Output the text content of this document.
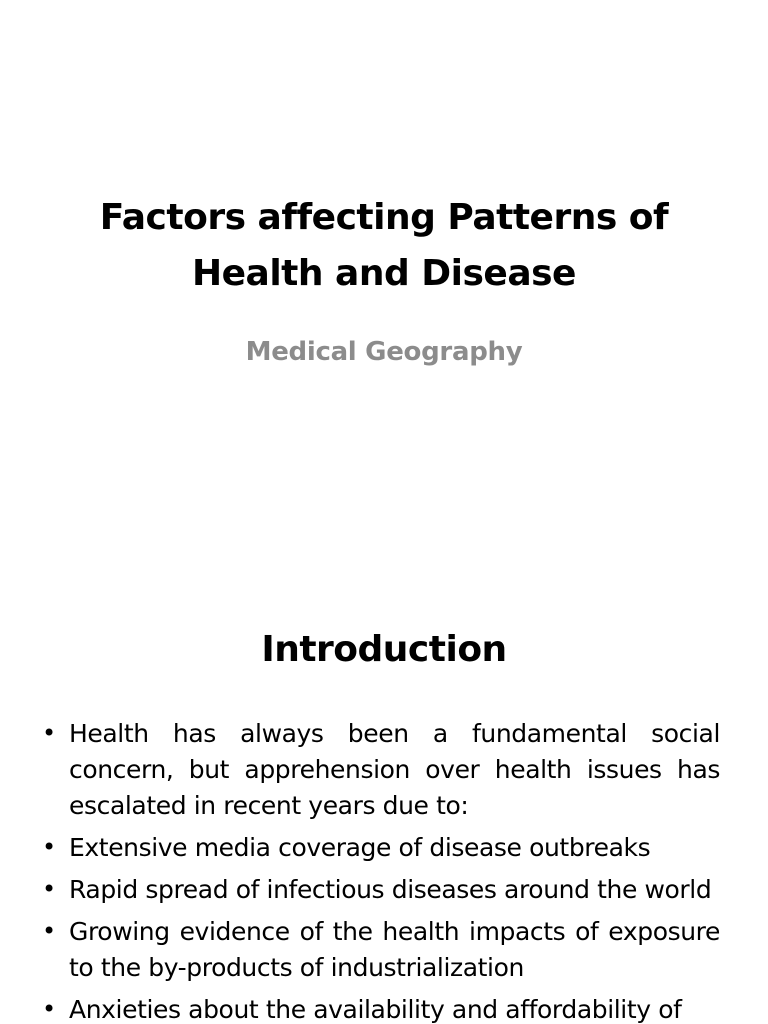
Factors affecting Patterns of
Health and Disease
Medical Geography
Introduction
• Health has always been a fundamental social concern, but apprehension over health issues has escalated in recent years due to:
• Extensive media coverage of disease outbreaks
• Rapid spread of infectious diseases around the world
• Growing evidence of the health impacts of exposure to the by-products of industrialization
• Anxieties about the availability and affordability of
